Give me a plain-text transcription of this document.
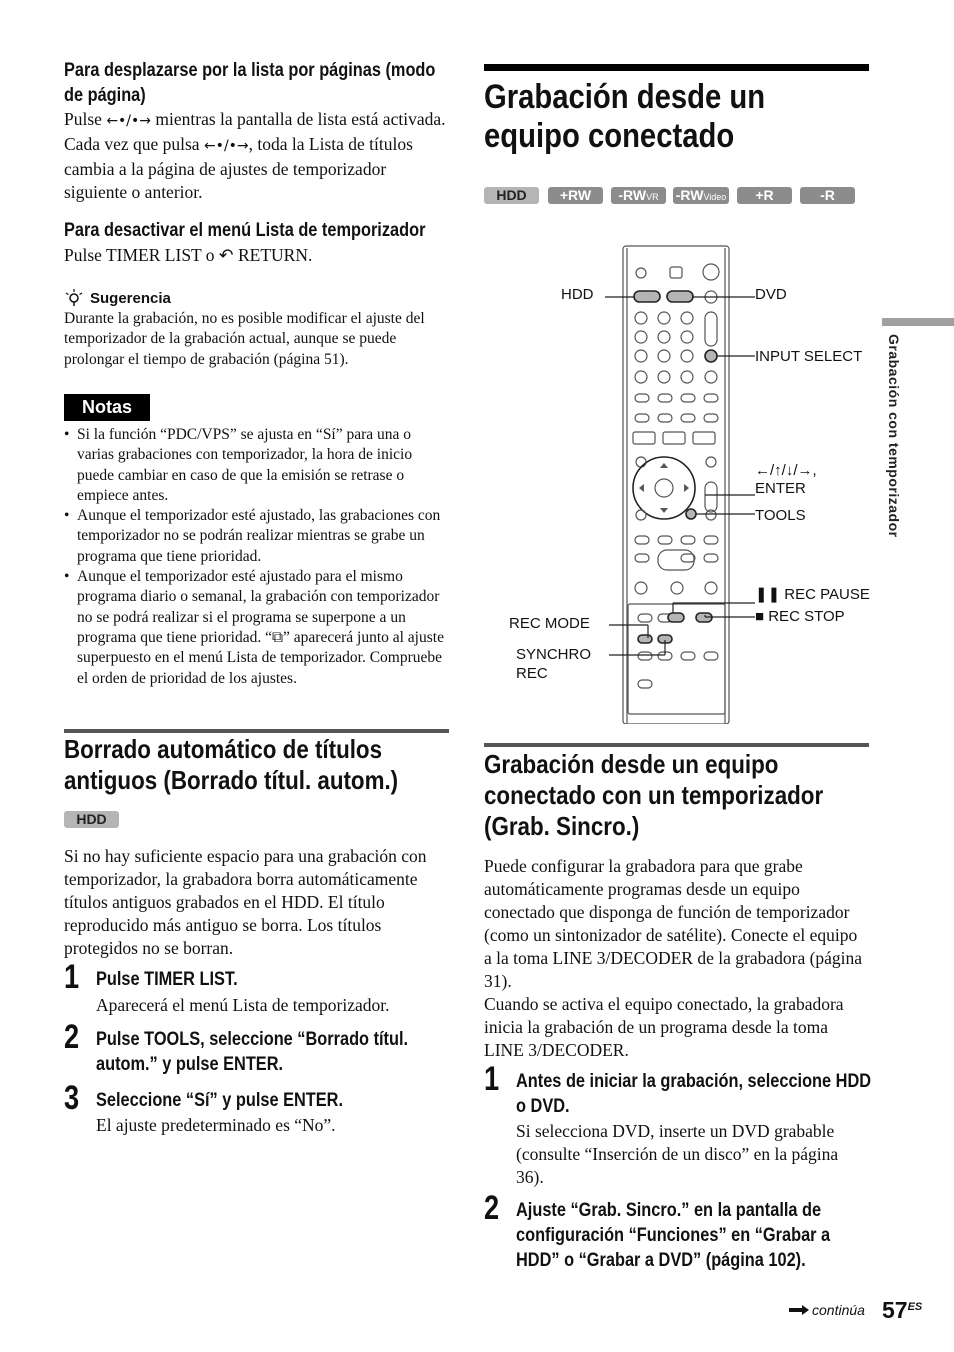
Para desplazarse por la lista por páginas (modo de página)
Pulse ←•/•→ mientras la pantalla de lista está activada. Cada vez que pulsa ←•/•→, toda la Lista de títulos cambia a la página de ajustes de temporizador siguiente o anterior.
Para desactivar el menú Lista de temporizador
Pulse TIMER LIST o ↶ RETURN.
Sugerencia
Durante la grabación, no es posible modificar el ajuste del temporizador de la grabación actual, aunque se puede prolongar el tiempo de grabación (página 51).
Notas
• Si la función “PDC/VPS” se ajusta en “Sí” para una o varias grabaciones con temporizador, la hora de inicio puede cambiar en caso de que la emisión se retrase o empiece antes.
• Aunque el temporizador esté ajustado, las grabaciones con temporizador no se podrán realizar mientras se grabe un programa que tiene prioridad.
• Aunque el temporizador esté ajustado para el mismo programa diario o semanal, la grabación con temporizador no se podrá realizar si el programa se superpone a un programa que tiene prioridad. “⧉” aparecerá junto al ajuste superpuesto en el menú Lista de temporizador. Compruebe el orden de prioridad de los ajustes.
Borrado automático de títulos antiguos (Borrado títul. autom.)
HDD
Si no hay suficiente espacio para una grabación con temporizador, la grabadora borra automáticamente títulos antiguos grabados en el HDD. El título reproducido más antiguo se borra. Los títulos protegidos no se borran.
1 Pulse TIMER LIST.
Aparecerá el menú Lista de temporizador.
2 Pulse TOOLS, seleccione “Borrado títul. autom.” y pulse ENTER.
3 Seleccione “Sí” y pulse ENTER.
El ajuste predeterminado es “No”.
Grabación desde un equipo conectado
HDD	+RW	-RWVR	-RWVideo	+R	-R
HDD	DVD
INPUT SELECT
←/↑/↓/→,
ENTER
TOOLS
❚❚ REC PAUSE
■ REC STOP
REC MODE
SYNCHRO
REC
Grabación desde un equipo conectado con un temporizador (Grab. Sincro.)
Puede configurar la grabadora para que grabe automáticamente programas desde un equipo conectado que disponga de función de temporizador (como un sintonizador de satélite). Conecte el equipo a la toma LINE 3/DECODER de la grabadora (página 31).
Cuando se activa el equipo conectado, la grabadora inicia la grabación de un programa desde la toma LINE 3/DECODER.
1 Antes de iniciar la grabación, seleccione HDD o DVD.
Si selecciona DVD, inserte un DVD grabable (consulte “Inserción de un disco” en la página 36).
2 Ajuste “Grab. Sincro.” en la pantalla de configuración “Funciones” en “Grabar a HDD” o “Grabar a DVD” (página 102).
Grabación con temporizador
continúa $57^{ES}$
